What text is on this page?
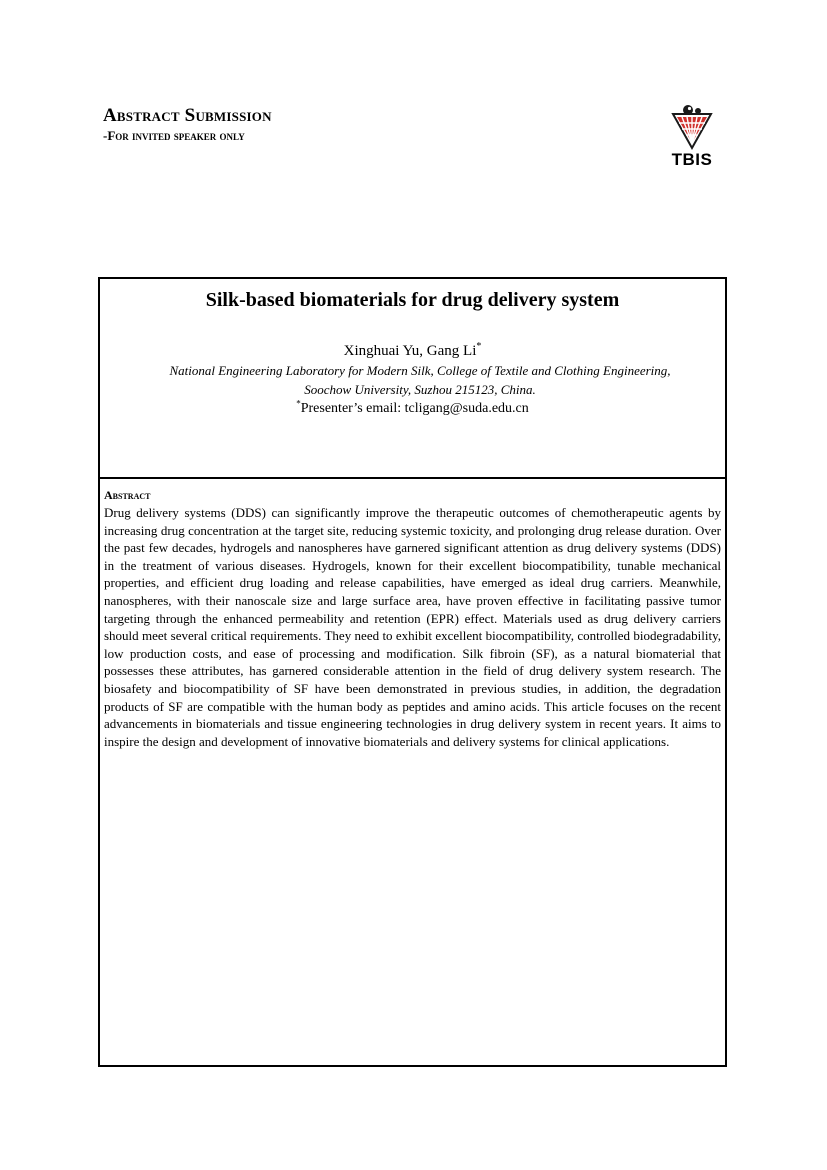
Abstract Submission
-For invited speaker only
TBIS
Silk-based biomaterials for drug delivery system
Xinghuai Yu, Gang Li*
National Engineering Laboratory for Modern Silk, College of Textile and Clothing Engineering,
Soochow University, Suzhou 215123, China.
*Presenter’s email: tcligang@suda.edu.cn
Abstract

Drug delivery systems (DDS) can significantly improve the therapeutic outcomes of chemotherapeutic agents by increasing drug concentration at the target site, reducing systemic toxicity, and prolonging drug release duration. Over the past few decades, hydrogels and nanospheres have garnered significant attention as drug delivery systems (DDS) in the treatment of various diseases. Hydrogels, known for their excellent biocompatibility, tunable mechanical properties, and efficient drug loading and release capabilities, have emerged as ideal drug carriers. Meanwhile, nanospheres, with their nanoscale size and large surface area, have proven effective in facilitating passive tumor targeting through the enhanced permeability and retention (EPR) effect. Materials used as drug delivery carriers should meet several critical requirements. They need to exhibit excellent biocompatibility, controlled biodegradability, low production costs, and ease of processing and modification. Silk fibroin (SF), as a natural biomaterial that possesses these attributes, has garnered considerable attention in the field of drug delivery system research. The biosafety and biocompatibility of SF have been demonstrated in previous studies, in addition, the degradation products of SF are compatible with the human body as peptides and amino acids. This article focuses on the recent advancements in biomaterials and tissue engineering technologies in drug delivery system in recent years. It aims to inspire the design and development of innovative biomaterials and delivery systems for clinical applications.
